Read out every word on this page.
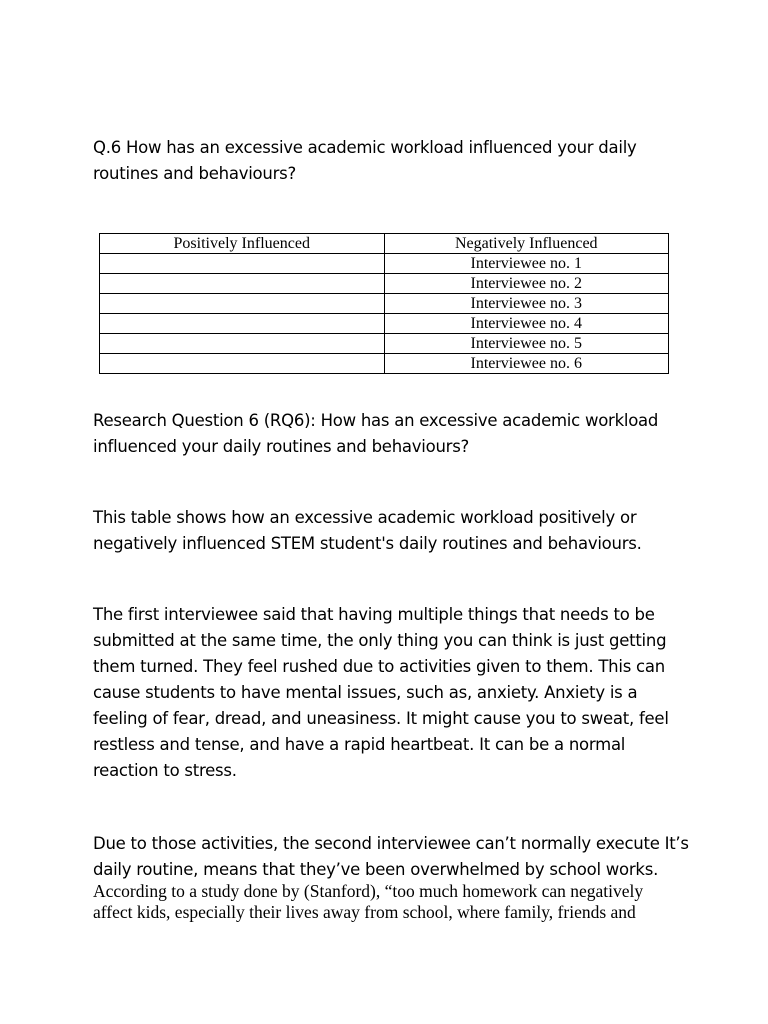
Q.6 How has an excessive academic workload influenced your daily routines and behaviours?

Positively Influenced	Negatively Influenced
	Interviewee no. 1
	Interviewee no. 2
	Interviewee no. 3
	Interviewee no. 4
	Interviewee no. 5
	Interviewee no. 6

Research Question 6 (RQ6): How has an excessive academic workload influenced your daily routines and behaviours?

This table shows how an excessive academic workload positively or negatively influenced STEM student's daily routines and behaviours.

The first interviewee said that having multiple things that needs to be submitted at the same time, the only thing you can think is just getting them turned. They feel rushed due to activities given to them. This can cause students to have mental issues, such as, anxiety. Anxiety is a feeling of fear, dread, and uneasiness. It might cause you to sweat, feel restless and tense, and have a rapid heartbeat. It can be a normal reaction to stress.

Due to those activities, the second interviewee can’t normally execute It’s daily routine, means that they’ve been overwhelmed by school works.

According to a study done by (Stanford), “too much homework can negatively affect kids, especially their lives away from school, where family, friends and
